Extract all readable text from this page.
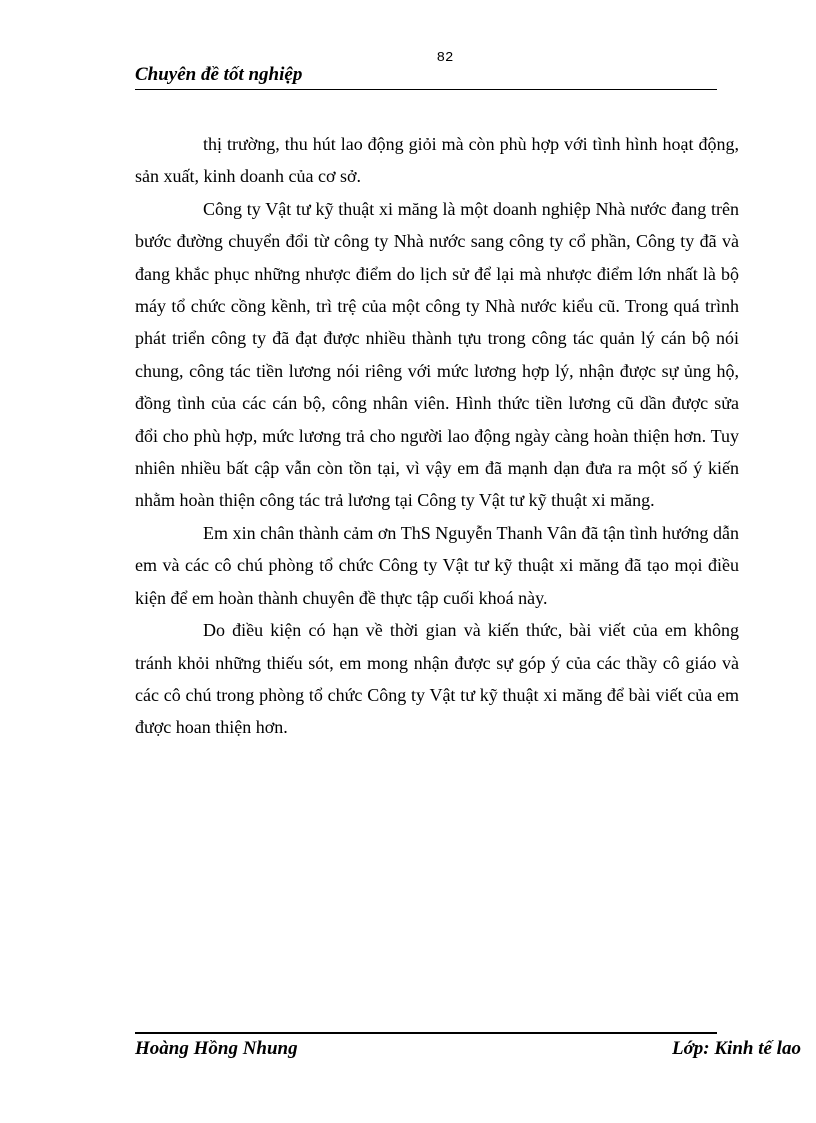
82
Chuyên đề tốt nghiệp

thị trường, thu hút lao động giỏi mà còn phù hợp với tình hình hoạt động, sản xuất, kinh doanh của cơ sở.

Công ty Vật tư kỹ thuật xi măng là một doanh nghiệp Nhà nước đang trên bước đường chuyển đổi từ công ty Nhà nước sang công ty cổ phần, Công ty đã và đang khắc phục những nhược điểm do lịch sử để lại mà nhược điểm lớn nhất là bộ máy tổ chức cồng kềnh, trì trệ của một công ty Nhà nước kiểu cũ. Trong quá trình phát triển công ty đã đạt được nhiều thành tựu trong công tác quản lý cán bộ nói chung, công tác tiền lương nói riêng với mức lương hợp lý, nhận được sự ủng hộ, đồng tình của các cán bộ, công nhân viên. Hình thức tiền lương cũ dần được sửa đổi cho phù hợp, mức lương trả cho người lao động ngày càng hoàn thiện hơn. Tuy nhiên nhiều bất cập vẫn còn tồn tại, vì vậy em đã mạnh dạn đưa ra một số ý kiến nhằm hoàn thiện công tác trả lương tại Công ty Vật tư kỹ thuật xi măng.

Em xin chân thành cảm ơn ThS Nguyễn Thanh Vân đã tận tình hướng dẫn em và các cô chú phòng tổ chức Công ty Vật tư kỹ thuật xi măng đã tạo mọi điều kiện để em hoàn thành chuyên đề thực tập cuối khoá này.

Do điều kiện có hạn về thời gian và kiến thức, bài viết của em không tránh khỏi những thiếu sót, em mong nhận được sự góp ý của các thầy cô giáo và các cô chú trong phòng tổ chức Công ty Vật tư kỹ thuật xi măng để bài viết của em được hoan thiện hơn.

Hoàng Hồng Nhung	Lớp: Kinh tế lao
